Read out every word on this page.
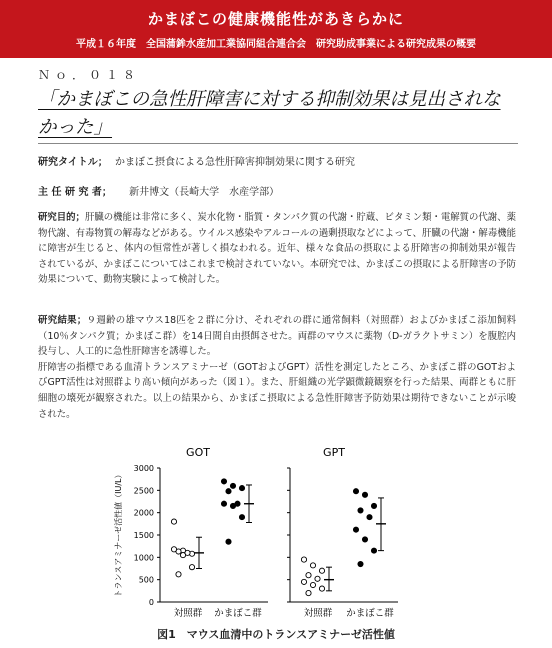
かまぼこの健康機能性があきらかに
平成１６年度　全国蒲鉾水産加工業協同組合連合会　研究助成事業による研究成果の概要
Ｎｏ．０１８
「かまぼこの急性肝障害に対する抑制効果は見出されなかった」
研究タイトル； かまぼこ摂食による急性肝障害抑制効果に関する研究
主 任 研 究 者； 新井博文（長崎大学　水産学部）
研究目的；肝臓の機能は非常に多く、炭水化物・脂質・タンパク質の代謝・貯蔵、ビタミン類・電解質の代謝、薬物代謝、有毒物質の解毒などがある。ウイルス感染やアルコールの過剰摂取などによって、肝臓の代謝・解毒機能に障害が生じると、体内の恒常性が著しく損なわれる。近年、様々な食品の摂取による肝障害の抑制効果が報告されているが、かまぼこについてはこれまで検討されていない。本研究では、かまぼこの摂取による肝障害の予防効果について、動物実験によって検討した。
研究結果；９週齢の雄マウス18匹を２群に分け、それぞれの群に通常飼料（対照群）およびかまぼこ添加飼料（10％タンパク質；かまぼこ群）を14日間自由摂餌させた。両群のマウスに薬物（D-ガラクトサミン）を腹腔内投与し、人工的に急性肝障害を誘導した。
肝障害の指標である血清トランスアミナーゼ（GOTおよびGPT）活性を測定したところ、かまぼこ群のGOTおよびGPT活性は対照群より高い傾向があった（図１）。また、肝組織の光学顕微鏡観察を行った結果、両群ともに肝細胞の壊死が観察された。以上の結果から、かまぼこ摂取による急性肝障害予防効果は期待できないことが示唆された。
トランスアミナーゼ活性値（IU/L）
GOT
0
500
1000
1500
2000
2500
3000
対照群 かまぼこ群
GPT
対照群 かまぼこ群
図1　マウス血清中のトランスアミナーゼ活性値
